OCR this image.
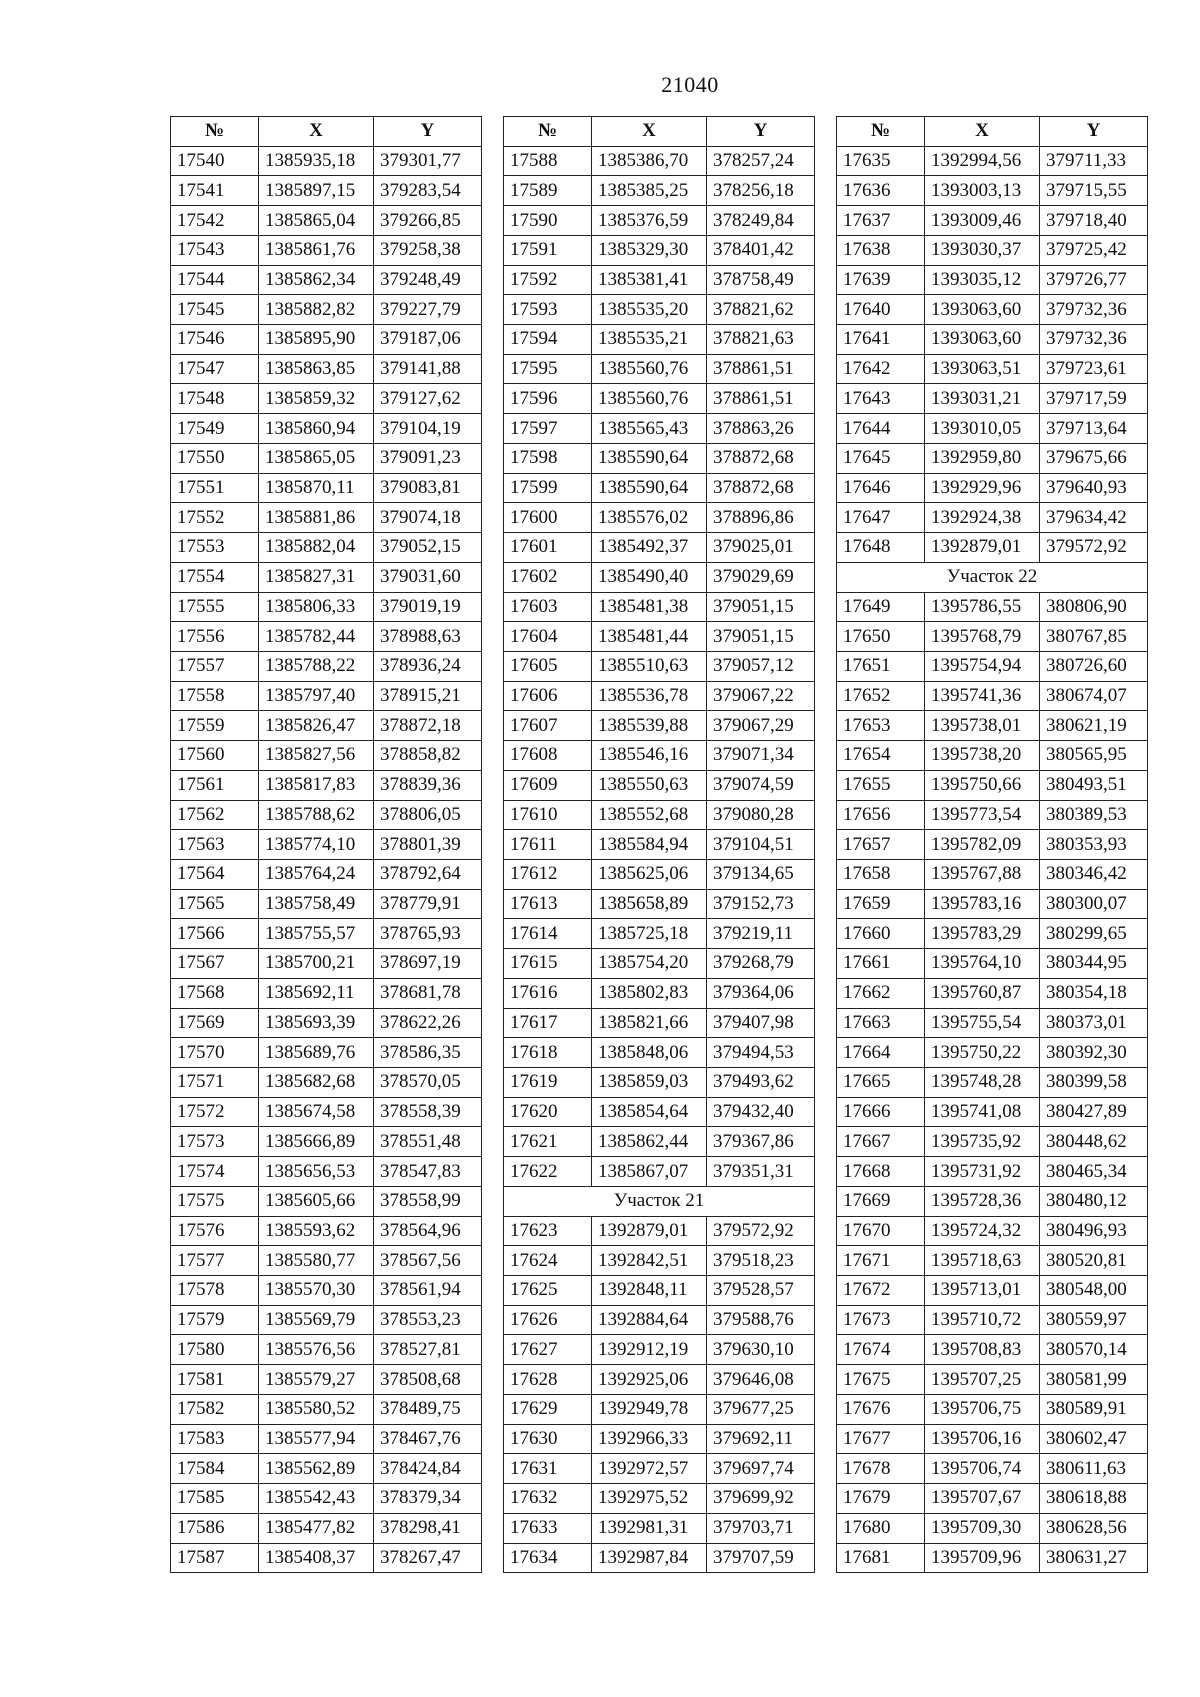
21040
№	X	Y
17540	1385935,18	379301,77
17541	1385897,15	379283,54
17542	1385865,04	379266,85
17543	1385861,76	379258,38
17544	1385862,34	379248,49
17545	1385882,82	379227,79
17546	1385895,90	379187,06
17547	1385863,85	379141,88
17548	1385859,32	379127,62
17549	1385860,94	379104,19
17550	1385865,05	379091,23
17551	1385870,11	379083,81
17552	1385881,86	379074,18
17553	1385882,04	379052,15
17554	1385827,31	379031,60
17555	1385806,33	379019,19
17556	1385782,44	378988,63
17557	1385788,22	378936,24
17558	1385797,40	378915,21
17559	1385826,47	378872,18
17560	1385827,56	378858,82
17561	1385817,83	378839,36
17562	1385788,62	378806,05
17563	1385774,10	378801,39
17564	1385764,24	378792,64
17565	1385758,49	378779,91
17566	1385755,57	378765,93
17567	1385700,21	378697,19
17568	1385692,11	378681,78
17569	1385693,39	378622,26
17570	1385689,76	378586,35
17571	1385682,68	378570,05
17572	1385674,58	378558,39
17573	1385666,89	378551,48
17574	1385656,53	378547,83
17575	1385605,66	378558,99
17576	1385593,62	378564,96
17577	1385580,77	378567,56
17578	1385570,30	378561,94
17579	1385569,79	378553,23
17580	1385576,56	378527,81
17581	1385579,27	378508,68
17582	1385580,52	378489,75
17583	1385577,94	378467,76
17584	1385562,89	378424,84
17585	1385542,43	378379,34
17586	1385477,82	378298,41
17587	1385408,37	378267,47
№	X	Y
17588	1385386,70	378257,24
17589	1385385,25	378256,18
17590	1385376,59	378249,84
17591	1385329,30	378401,42
17592	1385381,41	378758,49
17593	1385535,20	378821,62
17594	1385535,21	378821,63
17595	1385560,76	378861,51
17596	1385560,76	378861,51
17597	1385565,43	378863,26
17598	1385590,64	378872,68
17599	1385590,64	378872,68
17600	1385576,02	378896,86
17601	1385492,37	379025,01
17602	1385490,40	379029,69
17603	1385481,38	379051,15
17604	1385481,44	379051,15
17605	1385510,63	379057,12
17606	1385536,78	379067,22
17607	1385539,88	379067,29
17608	1385546,16	379071,34
17609	1385550,63	379074,59
17610	1385552,68	379080,28
17611	1385584,94	379104,51
17612	1385625,06	379134,65
17613	1385658,89	379152,73
17614	1385725,18	379219,11
17615	1385754,20	379268,79
17616	1385802,83	379364,06
17617	1385821,66	379407,98
17618	1385848,06	379494,53
17619	1385859,03	379493,62
17620	1385854,64	379432,40
17621	1385862,44	379367,86
17622	1385867,07	379351,31
Участок 21		
17623	1392879,01	379572,92
17624	1392842,51	379518,23
17625	1392848,11	379528,57
17626	1392884,64	379588,76
17627	1392912,19	379630,10
17628	1392925,06	379646,08
17629	1392949,78	379677,25
17630	1392966,33	379692,11
17631	1392972,57	379697,74
17632	1392975,52	379699,92
17633	1392981,31	379703,71
17634	1392987,84	379707,59
№	X	Y
17635	1392994,56	379711,33
17636	1393003,13	379715,55
17637	1393009,46	379718,40
17638	1393030,37	379725,42
17639	1393035,12	379726,77
17640	1393063,60	379732,36
17641	1393063,60	379732,36
17642	1393063,51	379723,61
17643	1393031,21	379717,59
17644	1393010,05	379713,64
17645	1392959,80	379675,66
17646	1392929,96	379640,93
17647	1392924,38	379634,42
17648	1392879,01	379572,92
Участок 22		
17649	1395786,55	380806,90
17650	1395768,79	380767,85
17651	1395754,94	380726,60
17652	1395741,36	380674,07
17653	1395738,01	380621,19
17654	1395738,20	380565,95
17655	1395750,66	380493,51
17656	1395773,54	380389,53
17657	1395782,09	380353,93
17658	1395767,88	380346,42
17659	1395783,16	380300,07
17660	1395783,29	380299,65
17661	1395764,10	380344,95
17662	1395760,87	380354,18
17663	1395755,54	380373,01
17664	1395750,22	380392,30
17665	1395748,28	380399,58
17666	1395741,08	380427,89
17667	1395735,92	380448,62
17668	1395731,92	380465,34
17669	1395728,36	380480,12
17670	1395724,32	380496,93
17671	1395718,63	380520,81
17672	1395713,01	380548,00
17673	1395710,72	380559,97
17674	1395708,83	380570,14
17675	1395707,25	380581,99
17676	1395706,75	380589,91
17677	1395706,16	380602,47
17678	1395706,74	380611,63
17679	1395707,67	380618,88
17680	1395709,30	380628,56
17681	1395709,96	380631,27
